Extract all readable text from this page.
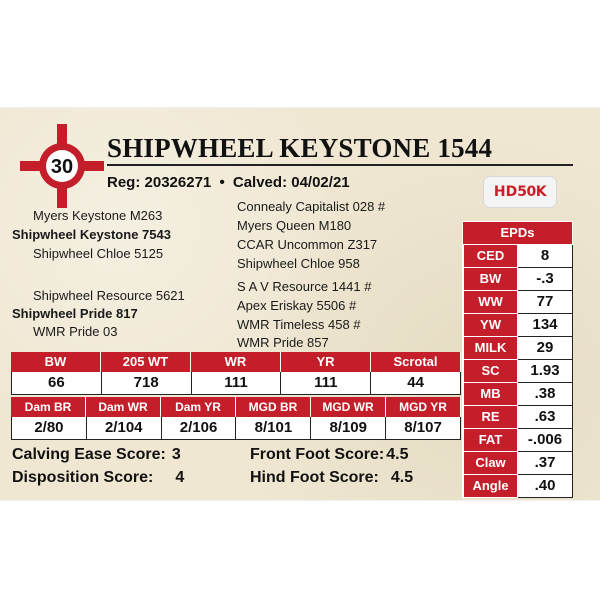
30
SHIPWHEEL KEYSTONE 1544
Reg: 20326271 • Calved: 04/02/21
HD 50K
Myers Keystone M263
Shipwheel Keystone 7543
Shipwheel Chloe 5125
Connealy Capitalist 028 #
Myers Queen M180
CCAR Uncommon Z317
Shipwheel Chloe 958
Shipwheel Resource 5621
Shipwheel Pride 817
WMR Pride 03
S A V Resource 1441 #
Apex Eriskay 5506 #
WMR Timeless 458 #
WMR Pride 857
EPDs
CED	8
BW	-.3
WW	77
YW	134
MILK	29
SC	1.93
MB	.38
RE	.63
FAT	-.006
Claw	.37
Angle	.40
BW	205 WT	WR	YR	Scrotal
66	718	111	111	44
Dam BR	Dam WR	Dam YR	MGD BR	MGD WR	MGD YR
2/80	2/104	2/106	8/101	8/109	8/107
Calving Ease Score: 3
Disposition Score: 4
Front Foot Score: 4.5
Hind Foot Score: 4.5
